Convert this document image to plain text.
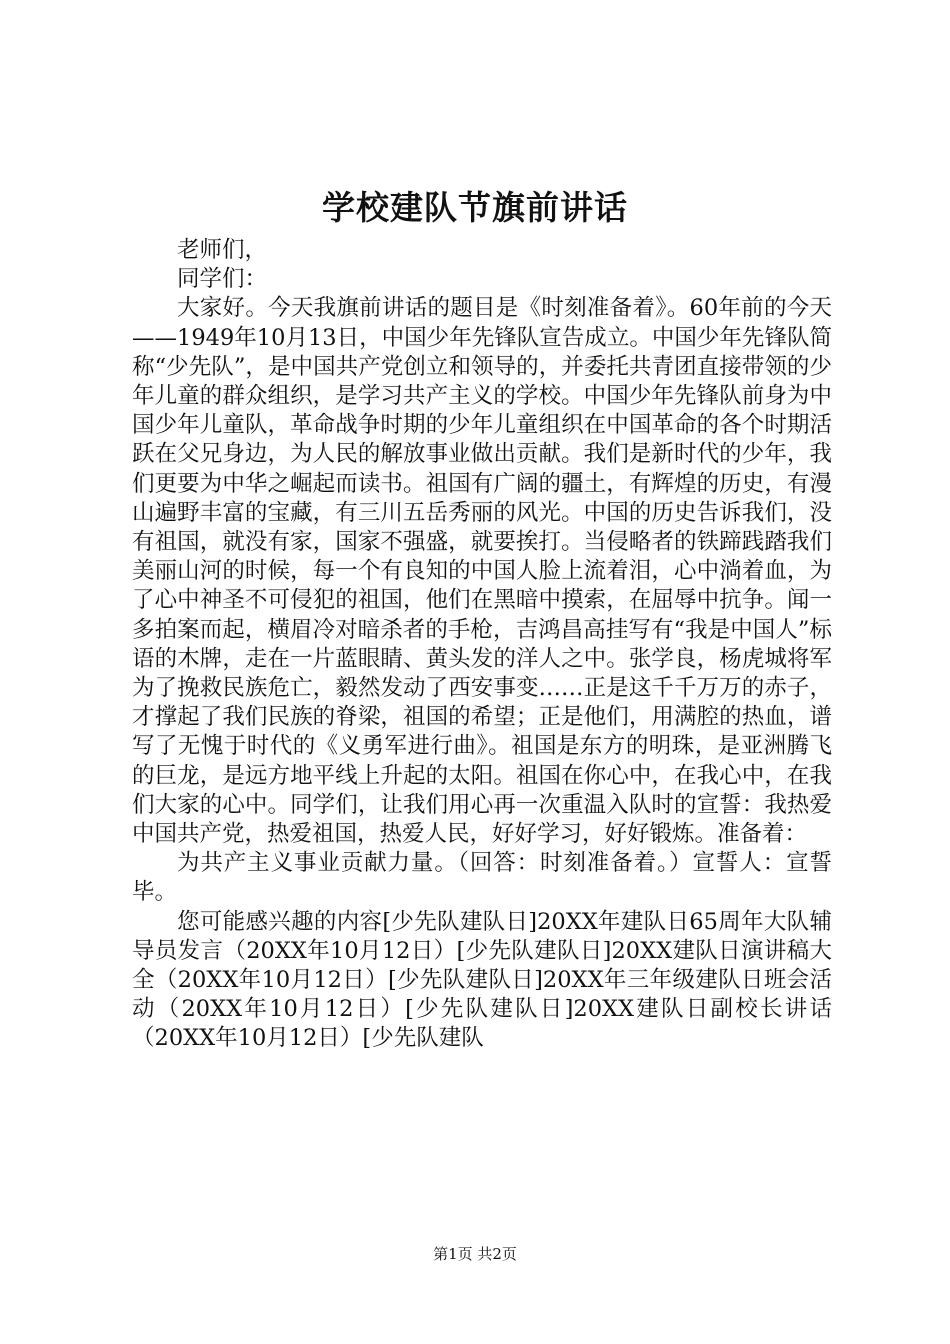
学校建队节旗前讲话

老师们，

同学们：

大家好。今天我旗前讲话的题目是《时刻准备着》。60年前的今天——1949年10月13日，中国少年先锋队宣告成立。中国少年先锋队简称“少先队”，是中国共产党创立和领导的，并委托共青团直接带领的少年儿童的群众组织，是学习共产主义的学校。中国少年先锋队前身为中国少年儿童队，革命战争时期的少年儿童组织在中国革命的各个时期活跃在父兄身边，为人民的解放事业做出贡献。我们是新时代的少年，我们更要为中华之崛起而读书。祖国有广阔的疆土，有辉煌的历史，有漫山遍野丰富的宝藏，有三川五岳秀丽的风光。中国的历史告诉我们，没有祖国，就没有家，国家不强盛，就要挨打。当侵略者的铁蹄践踏我们美丽山河的时候，每一个有良知的中国人脸上流着泪，心中淌着血，为了心中神圣不可侵犯的祖国，他们在黑暗中摸索，在屈辱中抗争。闻一多拍案而起，横眉冷对暗杀者的手枪，吉鸿昌高挂写有“我是中国人”标语的木牌，走在一片蓝眼睛、黄头发的洋人之中。张学良，杨虎城将军为了挽救民族危亡，毅然发动了西安事变……正是这千千万万的赤子，才撑起了我们民族的脊梁，祖国的希望；正是他们，用满腔的热血，谱写了无愧于时代的《义勇军进行曲》。祖国是东方的明珠，是亚洲腾飞的巨龙，是远方地平线上升起的太阳。祖国在你心中，在我心中，在我们大家的心中。同学们，让我们用心再一次重温入队时的宣誓：我热爱中国共产党，热爱祖国，热爱人民，好好学习，好好锻炼。准备着：

为共产主义事业贡献力量。（回答：时刻准备着。）宣誓人：宣誓毕。

您可能感兴趣的内容[少先队建队日]20XX年建队日65周年大队辅导员发言（20XX年10月12日）[少先队建队日]20XX建队日演讲稿大全（20XX年10月12日）[少先队建队日]20XX年三年级建队日班会活动（20XX年10月12日）[少先队建队日]20XX建队日副校长讲话（20XX年10月12日）[少先队建队

第1页 共2页
